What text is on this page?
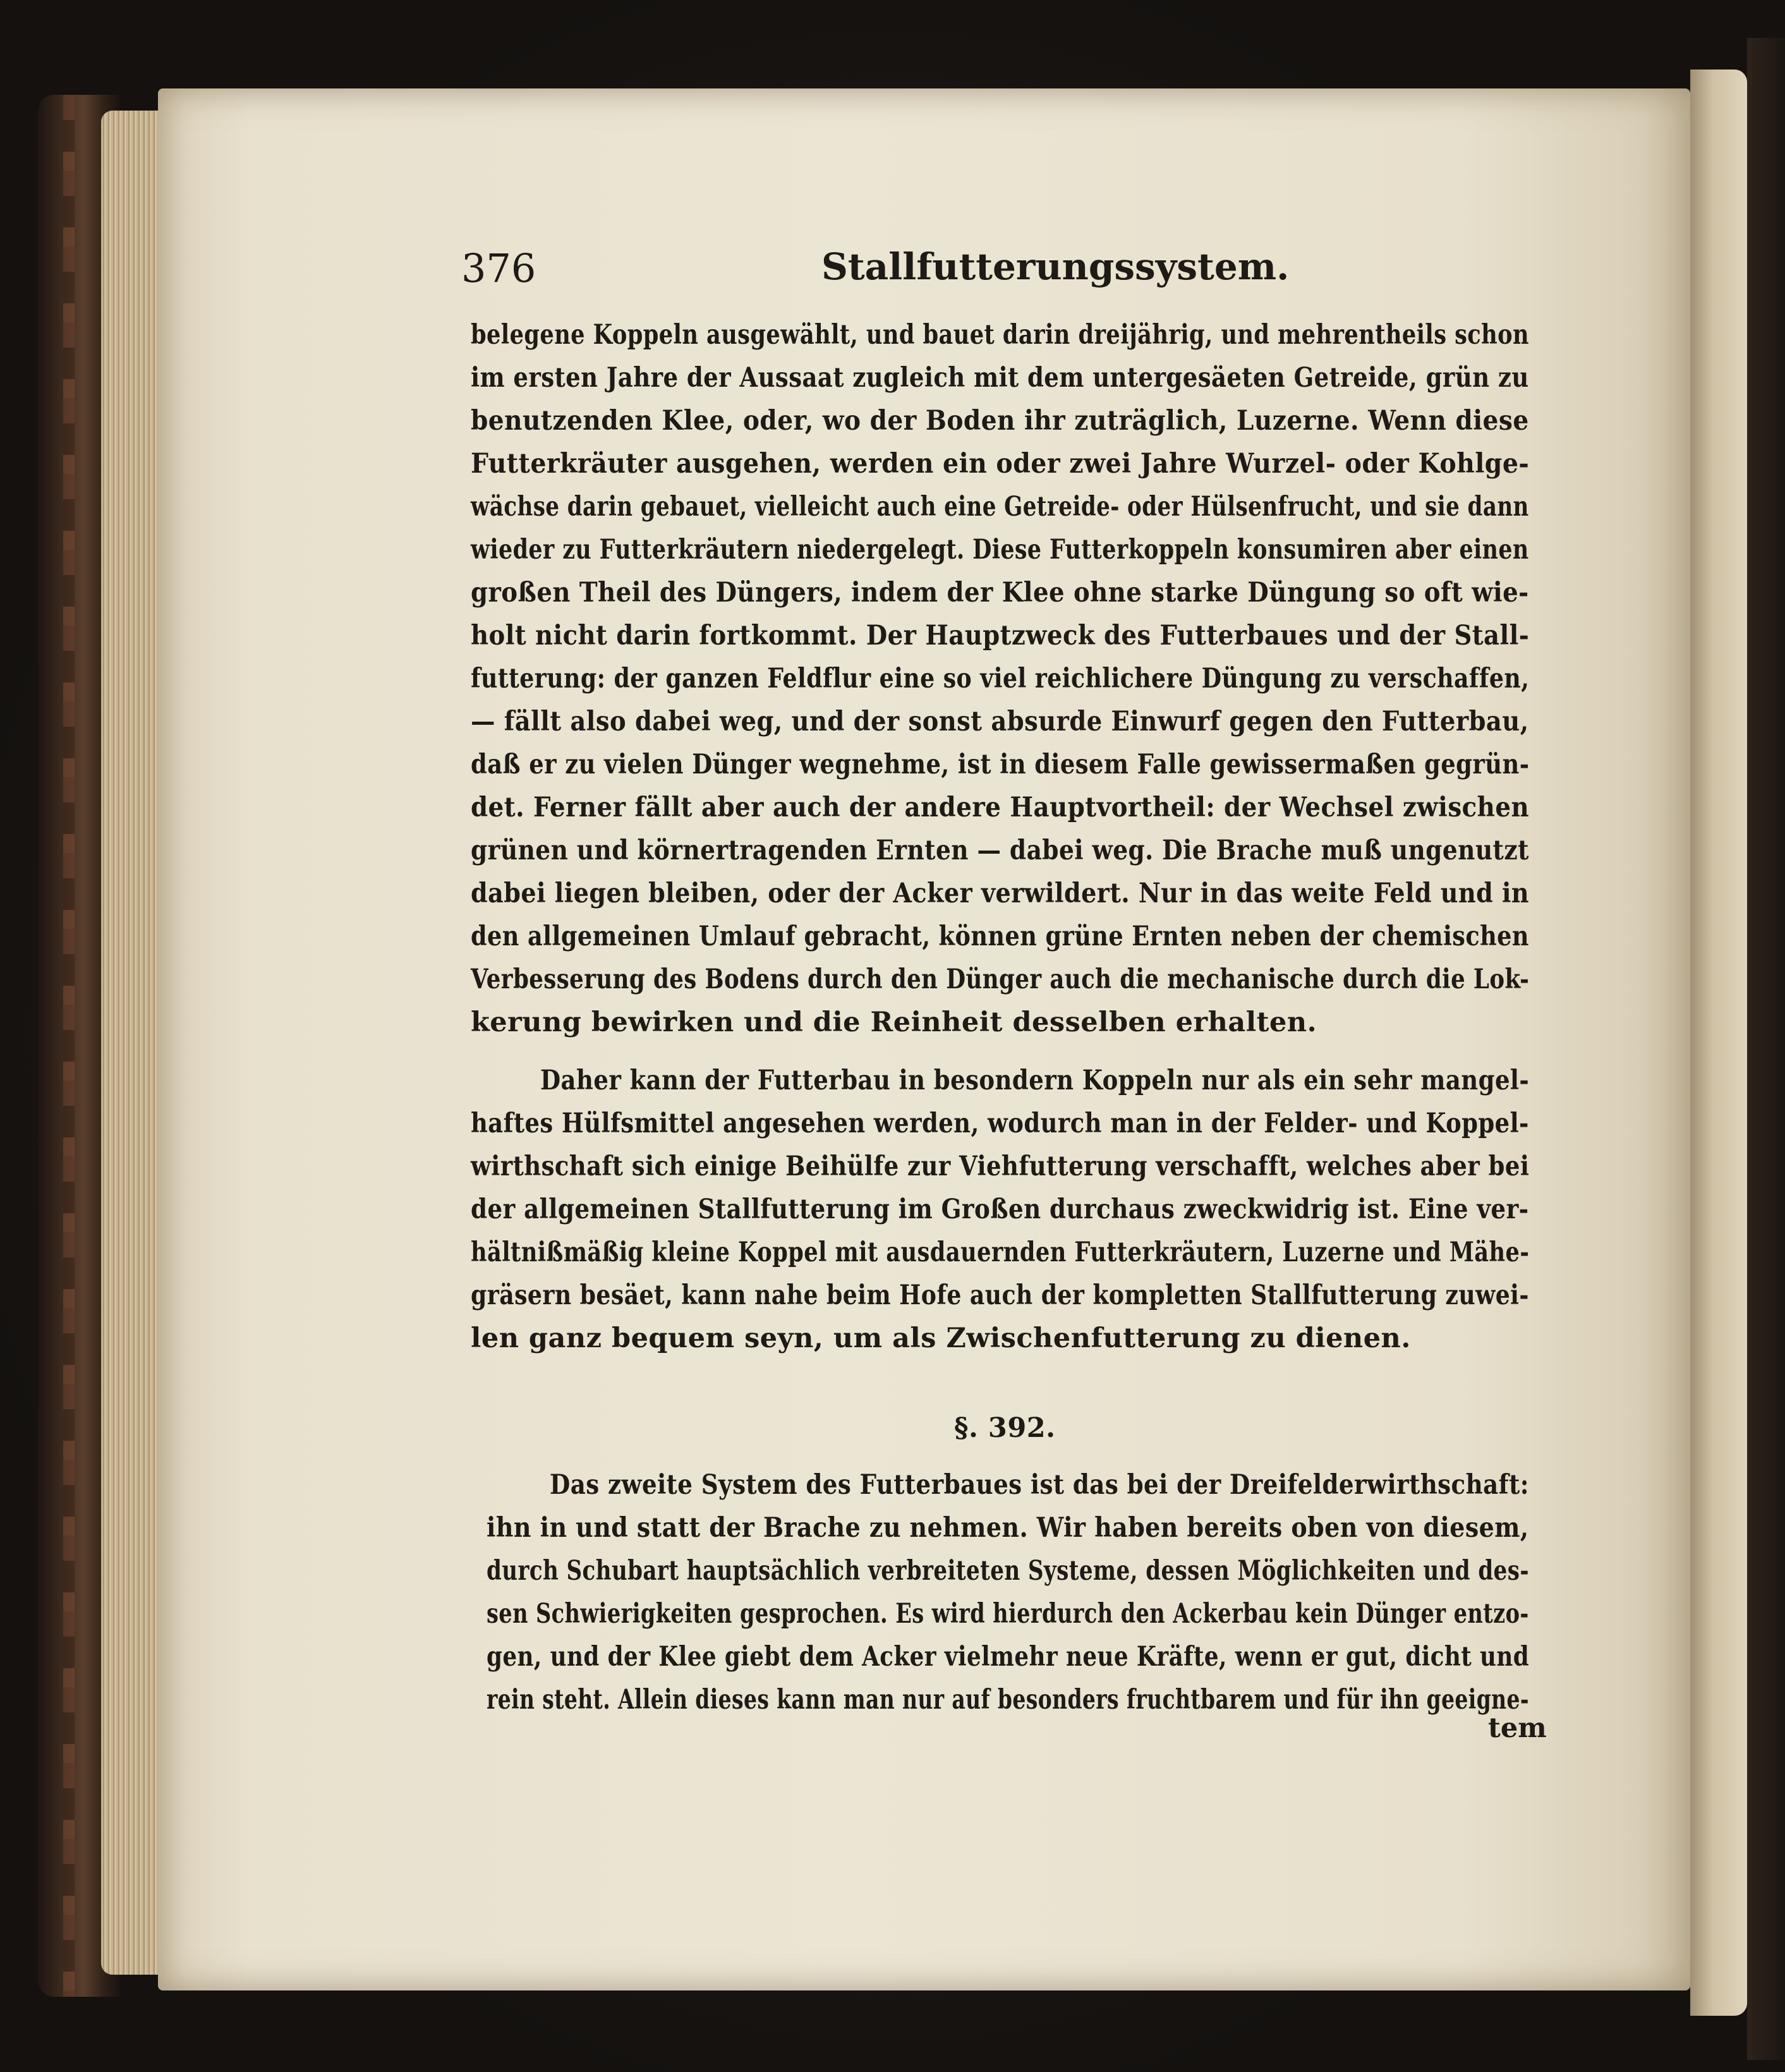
376	Stallfutterungssystem.
belegene Koppeln ausgewählt, und bauet darin dreijährig, und mehrentheils schon
im ersten Jahre der Aussaat zugleich mit dem untergesäeten Getreide, grün zu
benutzenden Klee, oder, wo der Boden ihr zuträglich, Luzerne. Wenn diese
Futterkräuter ausgehen, werden ein oder zwei Jahre Wurzel- oder Kohlge-
wächse darin gebauet, vielleicht auch eine Getreide- oder Hülsenfrucht, und sie dann
wieder zu Futterkräutern niedergelegt. Diese Futterkoppeln konsumiren aber einen
großen Theil des Düngers, indem der Klee ohne starke Düngung so oft wie-
holt nicht darin fortkommt. Der Hauptzweck des Futterbaues und der Stall-
futterung: der ganzen Feldflur eine so viel reichlichere Düngung zu verschaffen,
— fällt also dabei weg, und der sonst absurde Einwurf gegen den Futterbau,
daß er zu vielen Dünger wegnehme, ist in diesem Falle gewissermaßen gegrün-
det. Ferner fällt aber auch der andere Hauptvortheil: der Wechsel zwischen
grünen und körnertragenden Ernten — dabei weg. Die Brache muß ungenutzt
dabei liegen bleiben, oder der Acker verwildert. Nur in das weite Feld und in
den allgemeinen Umlauf gebracht, können grüne Ernten neben der chemischen
Verbesserung des Bodens durch den Dünger auch die mechanische durch die Lok-
kerung bewirken und die Reinheit desselben erhalten.
Daher kann der Futterbau in besondern Koppeln nur als ein sehr mangel-
haftes Hülfsmittel angesehen werden, wodurch man in der Felder- und Koppel-
wirthschaft sich einige Beihülfe zur Viehfutterung verschafft, welches aber bei
der allgemeinen Stallfutterung im Großen durchaus zweckwidrig ist. Eine ver-
hältnißmäßig kleine Koppel mit ausdauernden Futterkräutern, Luzerne und Mähe-
gräsern besäet, kann nahe beim Hofe auch der kompletten Stallfutterung zuwei-
len ganz bequem seyn, um als Zwischenfutterung zu dienen.
§. 392.
Das zweite System des Futterbaues ist das bei der Dreifelderwirthschaft:
ihn in und statt der Brache zu nehmen. Wir haben bereits oben von diesem,
durch Schubart hauptsächlich verbreiteten Systeme, dessen Möglichkeiten und des-
sen Schwierigkeiten gesprochen. Es wird hierdurch den Ackerbau kein Dünger entzo-
gen, und der Klee giebt dem Acker vielmehr neue Kräfte, wenn er gut, dicht und
rein steht. Allein dieses kann man nur auf besonders fruchtbarem und für ihn geeigne-
tem
